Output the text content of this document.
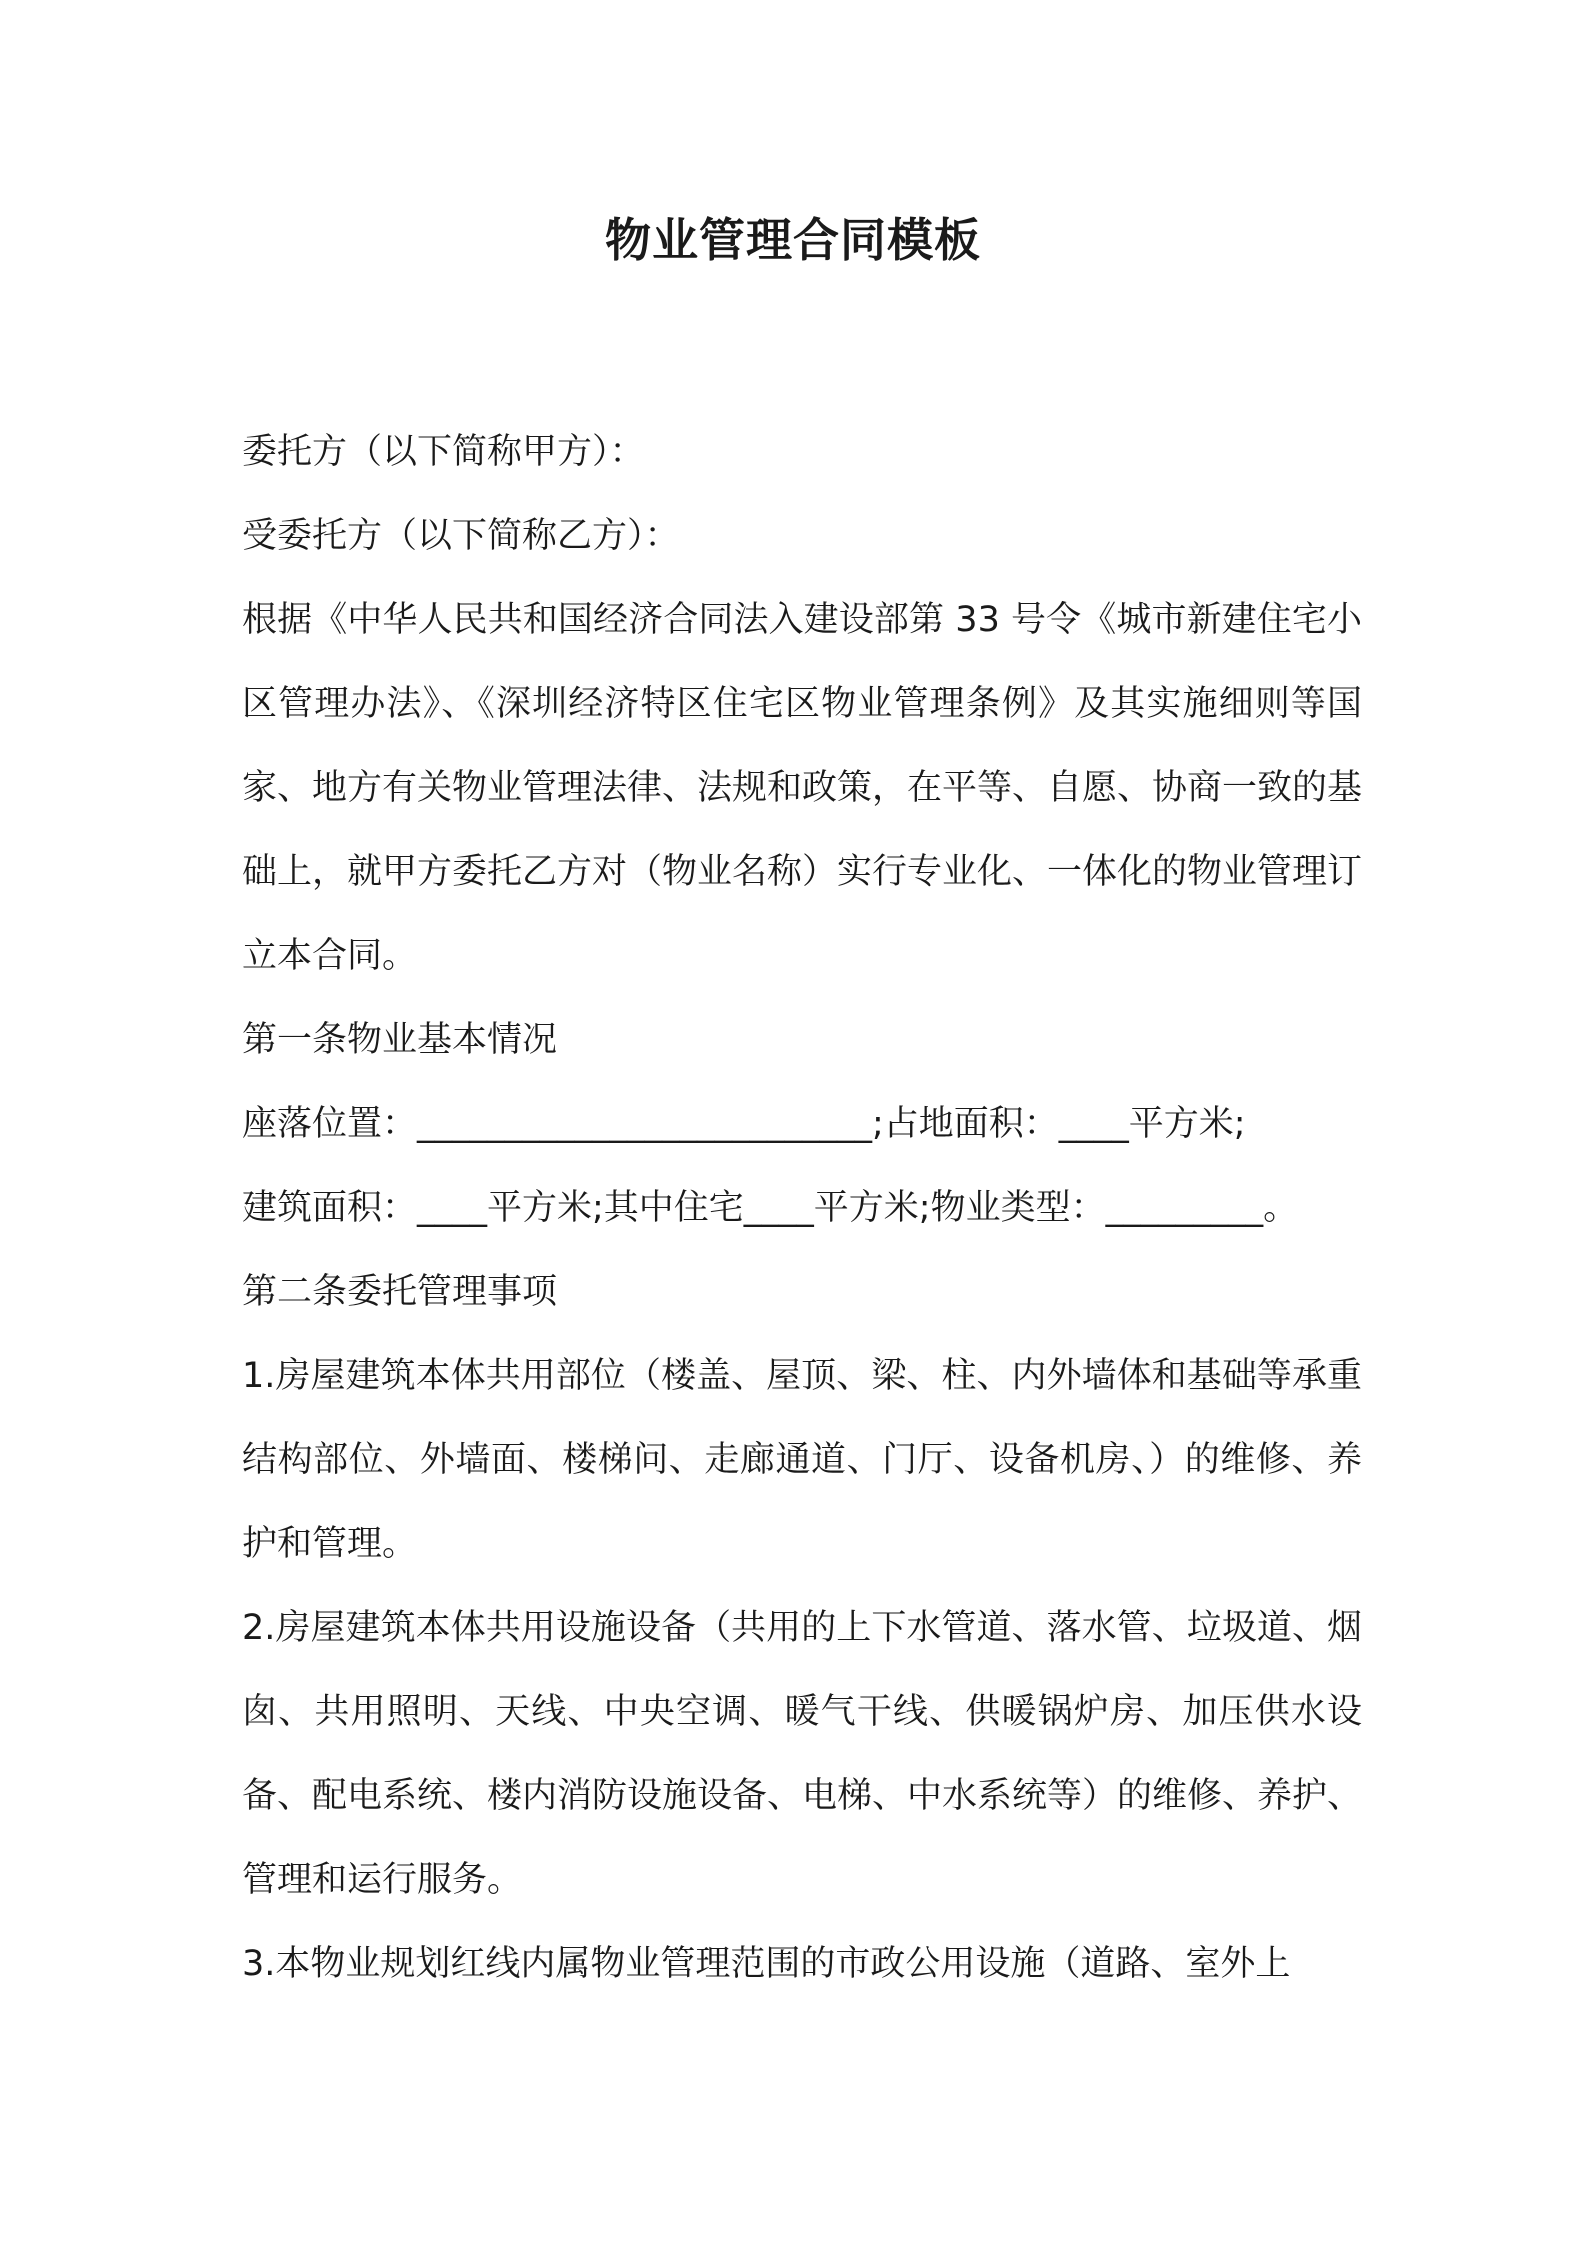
物业管理合同模板

委托方（以下简称甲方）：

受委托方（以下简称乙方）：

根据《中华人民共和国经济合同法入建设部第 33 号令《城市新建住宅小区管理办法》、《深圳经济特区住宅区物业管理条例》及其实施细则等国家、地方有关物业管理法律、法规和政策，在平等、自愿、协商一致的基础上，就甲方委托乙方对（物业名称）实行专业化、一体化的物业管理订立本合同。

第一条物业基本情况

座落位置：__________________________;占地面积：____平方米;

建筑面积：____平方米;其中住宅____平方米;物业类型：_________。

第二条委托管理事项

1.房屋建筑本体共用部位（楼盖、屋顶、梁、柱、内外墙体和基础等承重结构部位、外墙面、楼梯问、走廊通道、门厅、设备机房、）的维修、养护和管理。

2.房屋建筑本体共用设施设备（共用的上下水管道、落水管、垃圾道、烟囱、共用照明、天线、中央空调、暖气干线、供暖锅炉房、加压供水设备、配电系统、楼内消防设施设备、电梯、中水系统等）的维修、养护、管理和运行服务。

3.本物业规划红线内属物业管理范围的市政公用设施（道路、室外上
